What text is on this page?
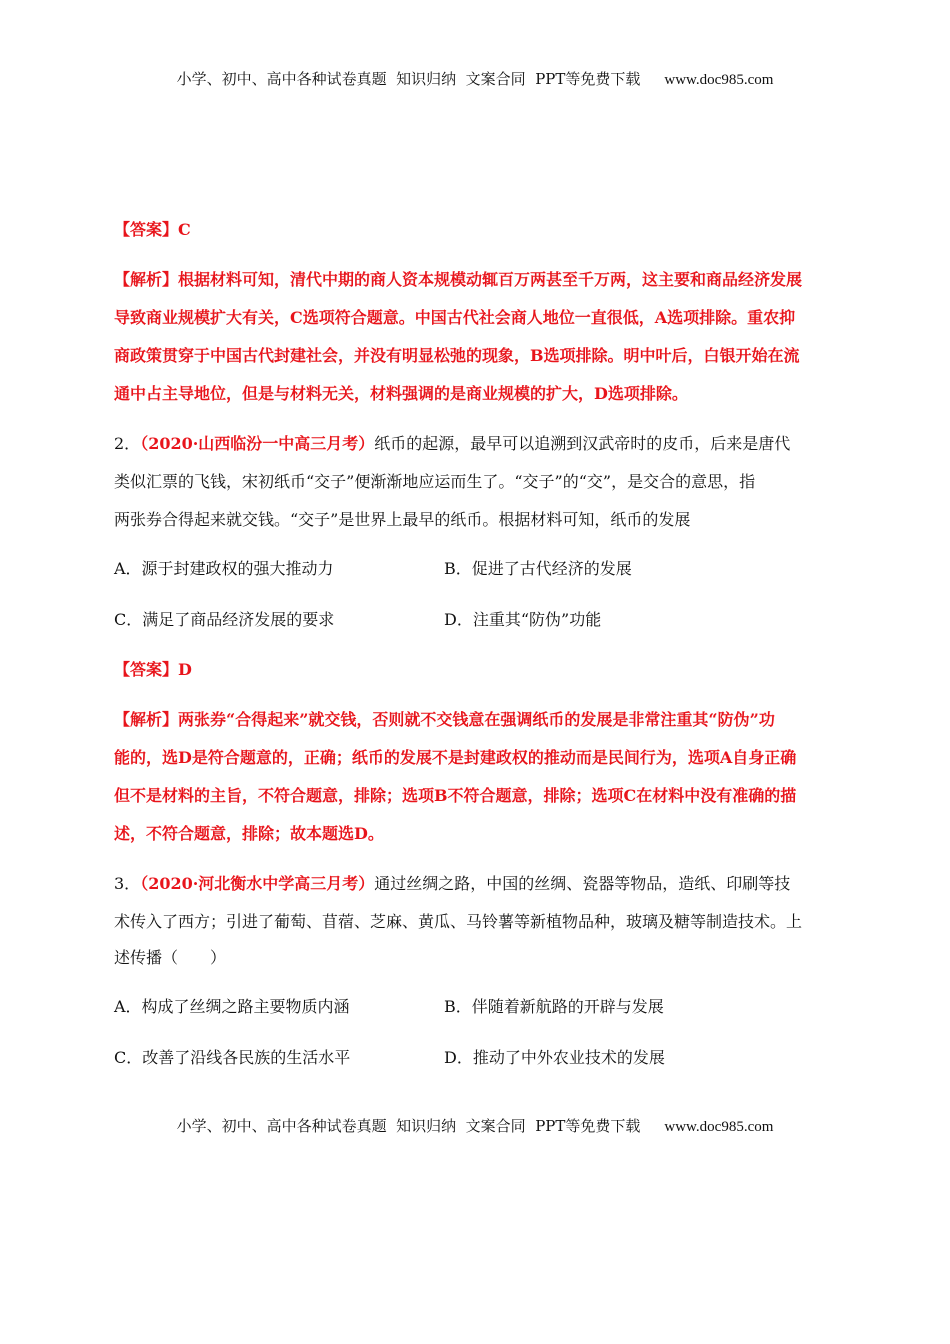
小学、初中、高中各种试卷真题  知识归纳  文案合同  PPT等免费下载 www.doc985.com
【答案】C
【解析】根据材料可知，清代中期的商人资本规模动辄百万两甚至千万两，这主要和商品经济发展
导致商业规模扩大有关，C选项符合题意。中国古代社会商人地位一直很低，A选项排除。重农抑
商政策贯穿于中国古代封建社会，并没有明显松弛的现象，B选项排除。明中叶后，白银开始在流
通中占主导地位，但是与材料无关，材料强调的是商业规模的扩大，D选项排除。
2．（2020·山西临汾一中高三月考）纸币的起源，最早可以追溯到汉武帝时的皮币，后来是唐代
类似汇票的飞钱，宋初纸币“交子”便渐渐地应运而生了。“交子”的“交”，是交合的意思，指
两张券合得起来就交钱。“交子”是世界上最早的纸币。根据材料可知，纸币的发展
A．源于封建政权的强大推动力	B．促进了古代经济的发展
C．满足了商品经济发展的要求	D．注重其“防伪”功能
【答案】D
【解析】两张券“合得起来”就交钱，否则就不交钱意在强调纸币的发展是非常注重其“防伪”功
能的，选D是符合题意的，正确；纸币的发展不是封建政权的推动而是民间行为，选项A自身正确
但不是材料的主旨，不符合题意，排除；选项B不符合题意，排除；选项C在材料中没有准确的描
述，不符合题意，排除；故本题选D。
3．（2020·河北衡水中学高三月考）通过丝绸之路，中国的丝绸、瓷器等物品，造纸、印刷等技
术传入了西方；引进了葡萄、苜蓿、芝麻、黄瓜、马铃薯等新植物品种，玻璃及糖等制造技术。上
述传播（　　）
A．构成了丝绸之路主要物质内涵	B．伴随着新航路的开辟与发展
C．改善了沿线各民族的生活水平	D．推动了中外农业技术的发展
小学、初中、高中各种试卷真题  知识归纳  文案合同  PPT等免费下载 www.doc985.com
